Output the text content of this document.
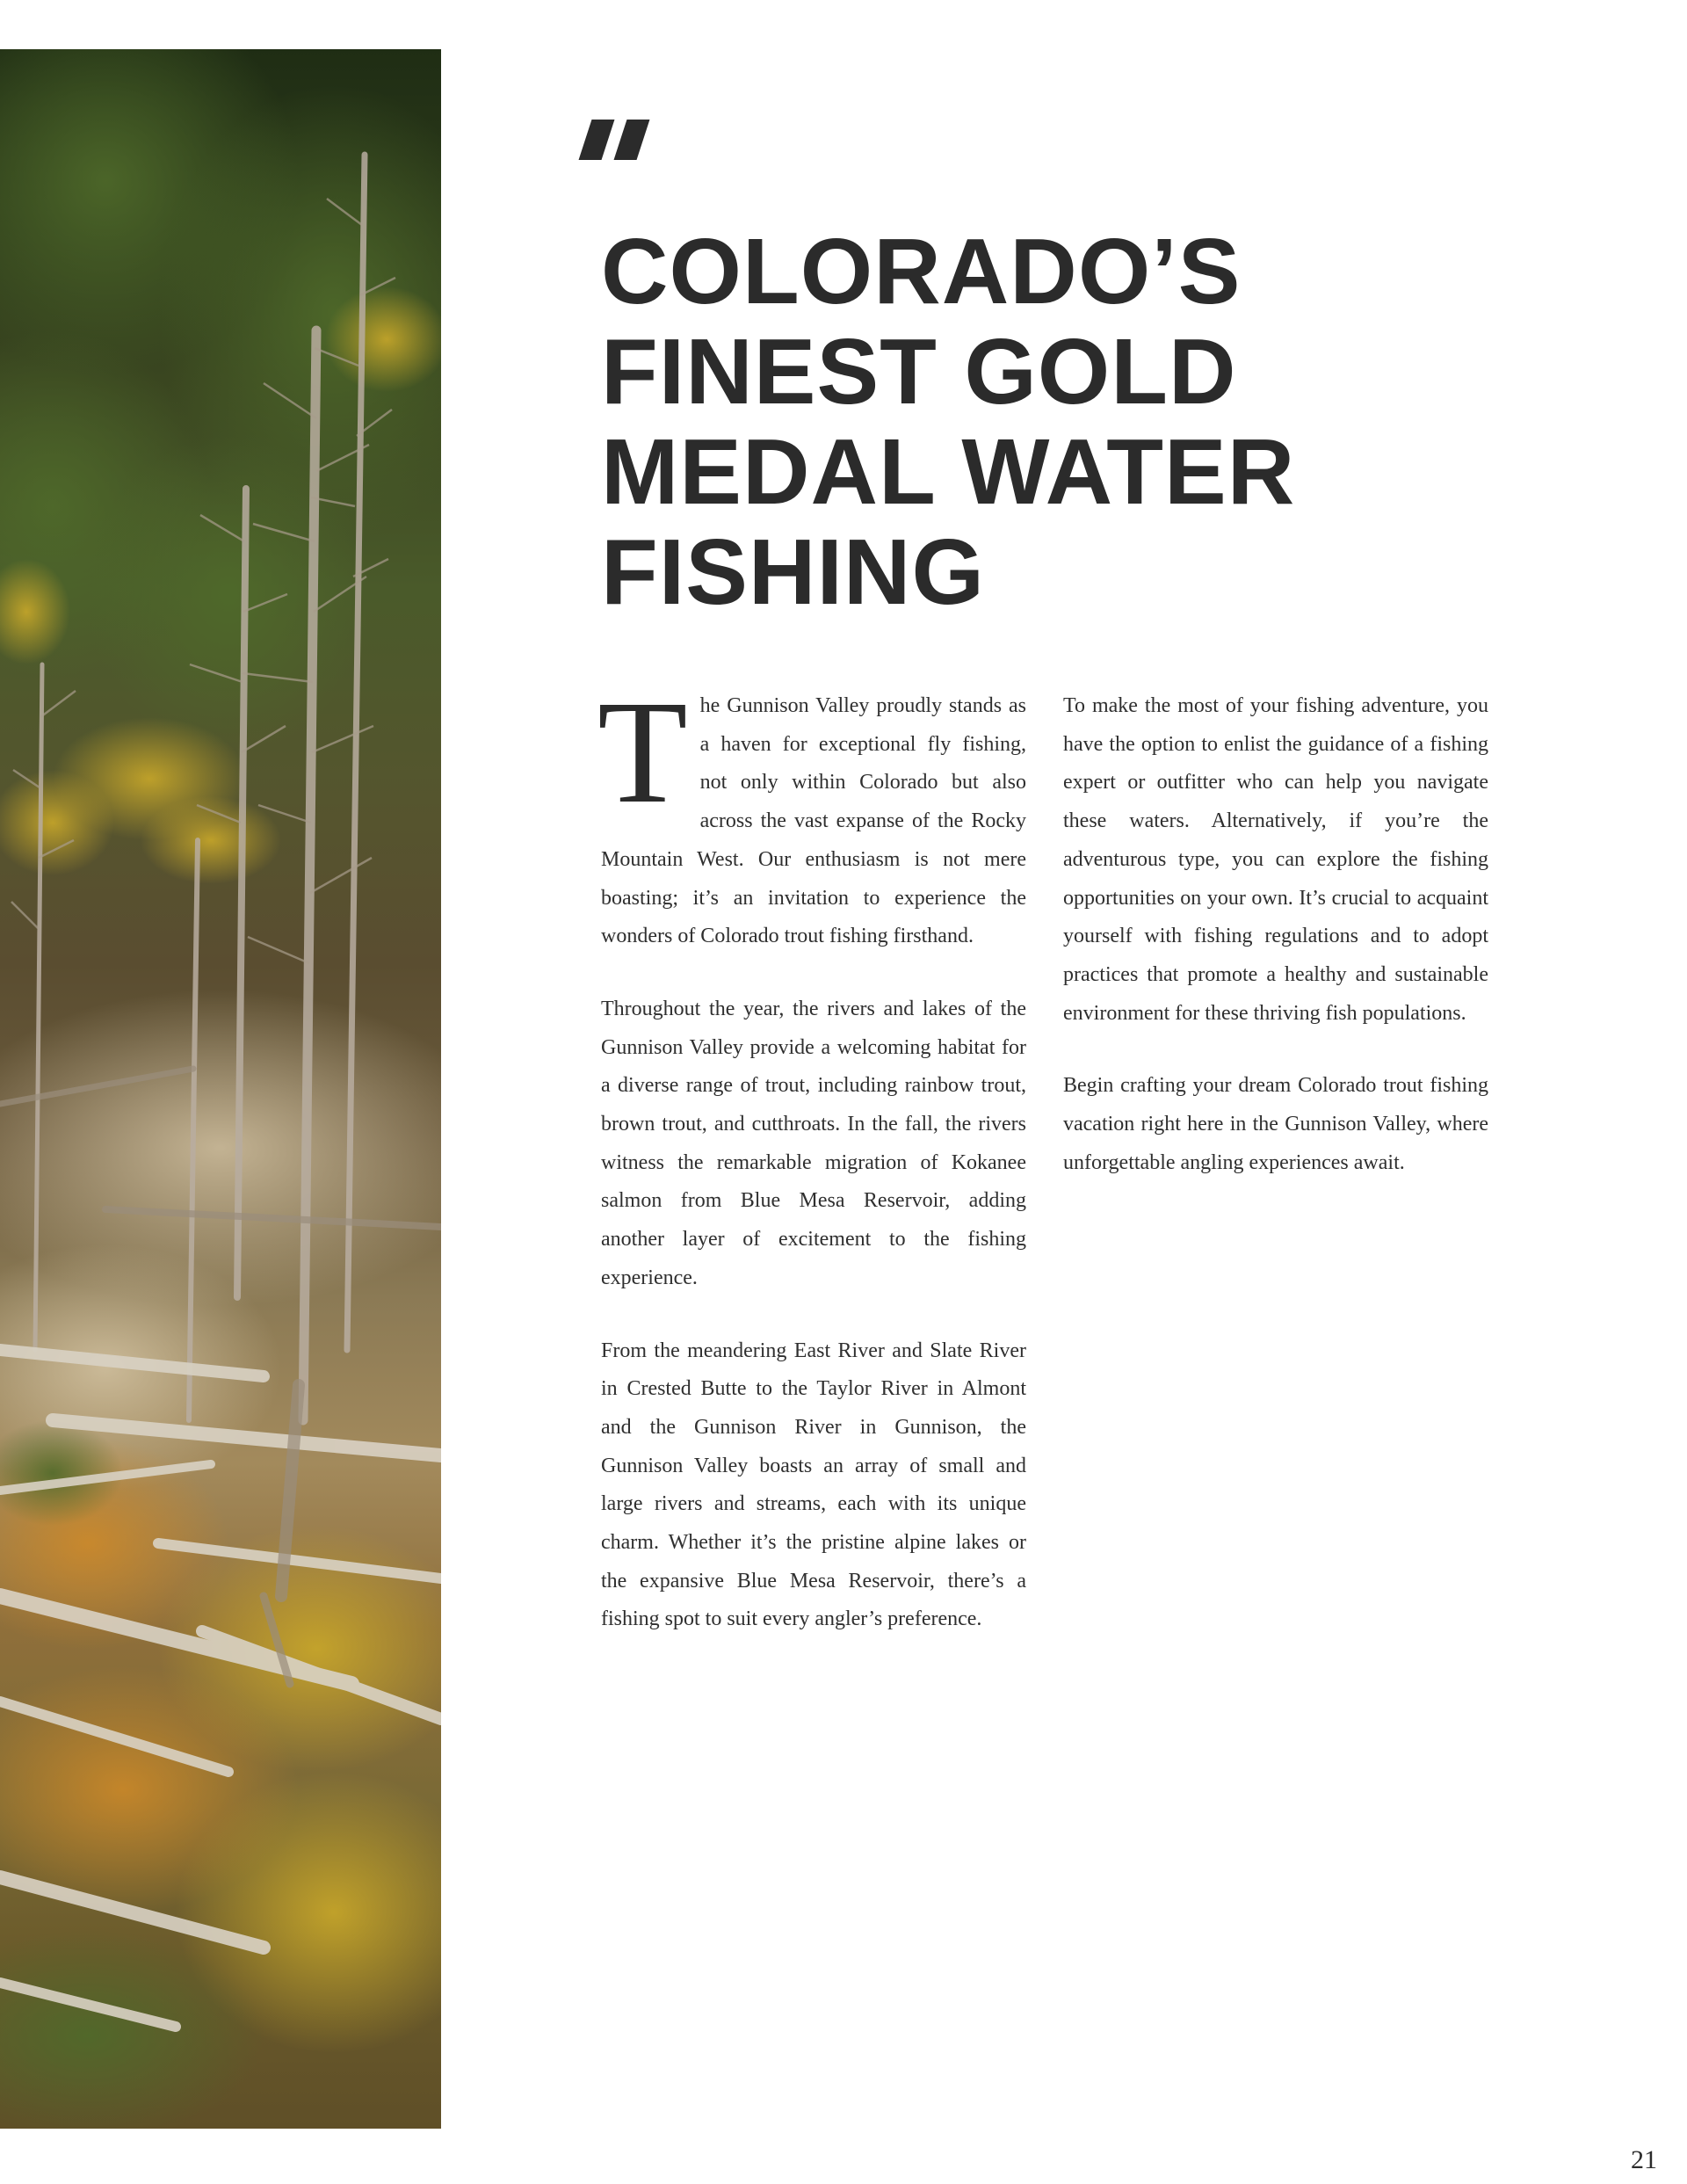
COLORADO’S
FINEST GOLD
MEDAL WATER
FISHING

The Gunnison Valley proudly stands as a haven for exceptional fly fishing, not only within Colorado but also across the vast expanse of the Rocky Mountain West. Our enthusiasm is not mere boasting; it’s an invitation to experience the wonders of Colorado trout fishing firsthand.

Throughout the year, the rivers and lakes of the Gunnison Valley provide a welcoming habitat for a diverse range of trout, including rainbow trout, brown trout, and cutthroats. In the fall, the rivers witness the remarkable migration of Kokanee salmon from Blue Mesa Reservoir, adding another layer of excitement to the fishing experience.

From the meandering East River and Slate River in Crested Butte to the Taylor River in Almont and the Gunnison River in Gunnison, the Gunnison Valley boasts an array of small and large rivers and streams, each with its unique charm. Whether it’s the pristine alpine lakes or the expansive Blue Mesa Reservoir, there’s a fishing spot to suit every angler’s preference.

To make the most of your fishing adventure, you have the option to enlist the guidance of a fishing expert or outfitter who can help you navigate these waters. Alternatively, if you’re the adventurous type, you can explore the fishing opportunities on your own. It’s crucial to acquaint yourself with fishing regulations and to adopt practices that promote a healthy and sustainable environment for these thriving fish populations.

Begin crafting your dream Colorado trout fishing vacation right here in the Gunnison Valley, where unforgettable angling experiences await.

21
